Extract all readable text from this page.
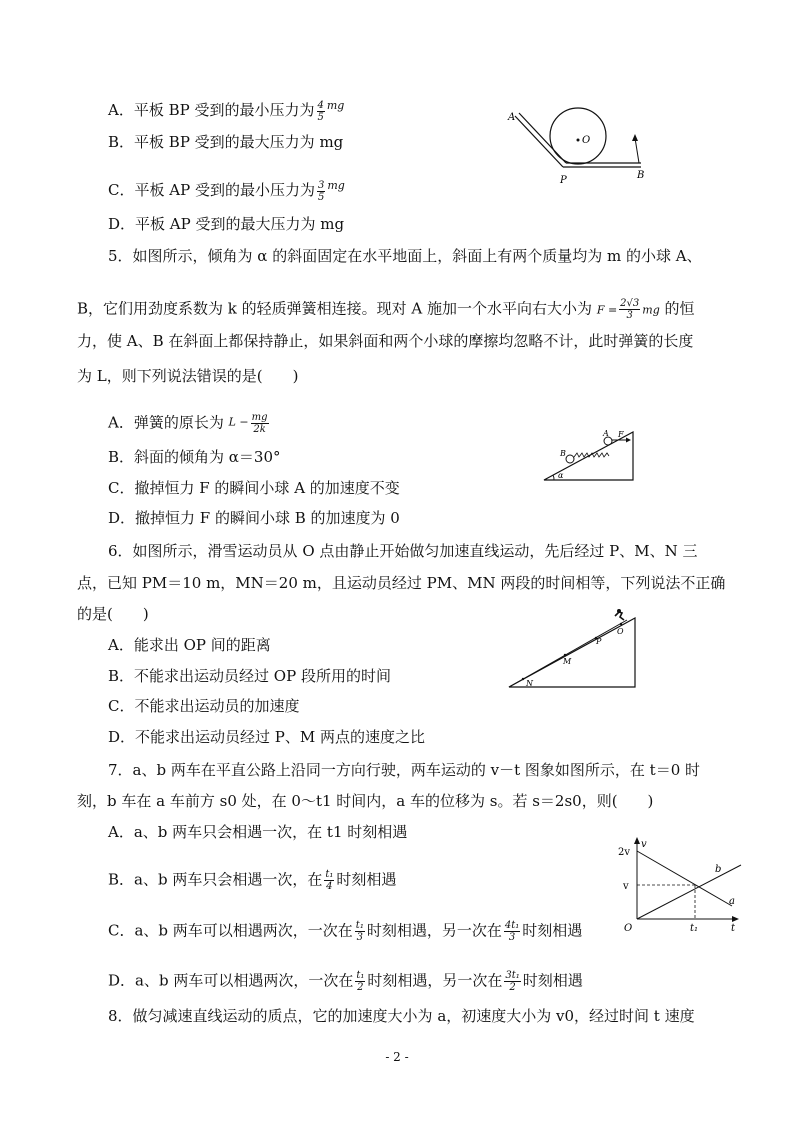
A．平板 BP 受到的最小压力为 $\frac{4}{5} ^{mg}$
B．平板 BP 受到的最大压力为 mg
C．平板 AP 受到的最小压力为 $\frac{3}{5} ^{mg}$
D．平板 AP 受到的最大压力为 mg
A
O
P	B
5．如图所示，倾角为 α 的斜面固定在水平地面上，斜面上有两个质量均为 m 的小球 A、
B，它们用劲度系数为 k 的轻质弹簧相连接。现对 A 施加一个水平向右大小为 $F = \frac{2√3}{3}$ mg 的恒
力，使 A、B 在斜面上都保持静止，如果斜面和两个小球的摩擦均忽略不计，此时弹簧的长度
为 L，则下列说法错误的是(　　)
A．弹簧的原长为 $L - \frac{mg}{2k}$
B．斜面的倾角为 α＝30°
C．撤掉恒力 F 的瞬间小球 A 的加速度不变
D．撤掉恒力 F 的瞬间小球 B 的加速度为 0
α
B
A F
6．如图所示，滑雪运动员从 O 点由静止开始做匀加速直线运动，先后经过 P、M、N 三
点，已知 PM＝10 m，MN＝20 m，且运动员经过 PM、MN 两段的时间相等，下列说法不正确
的是(　　)
A．能求出 OP 间的距离
B．不能求出运动员经过 OP 段所用的时间
C．不能求出运动员的加速度
D．不能求出运动员经过 P、M 两点的速度之比
O
P
M
N
7．a、b 两车在平直公路上沿同一方向行驶，两车运动的 v－t 图象如图所示，在 t＝0 时
刻，b 车在 a 车前方 s0 处，在 0～t1 时间内，a 车的位移为 s。若 s＝2s0，则(　　)
A．a、b 两车只会相遇一次，在 t1 时刻相遇
B．a、b 两车只会相遇一次，在 $\frac{\text{t₁}}{4}$ 时刻相遇
C．a、b 两车可以相遇两次，一次在 $\frac{\text{t₁}}{3}$ 时刻相遇，另一次在 $\frac{\text{4t₁}}{3}$ 时刻相遇
D．a、b 两车可以相遇两次，一次在 $\frac{\text{t₁}}{2}$ 时刻相遇，另一次在 $\frac{\text{3t₁}}{2}$ 时刻相遇
v
t
2v
v
O	t₁
a
b
8．做匀减速直线运动的质点，它的加速度大小为 a，初速度大小为 v0，经过时间 t 速度
- 2 -
